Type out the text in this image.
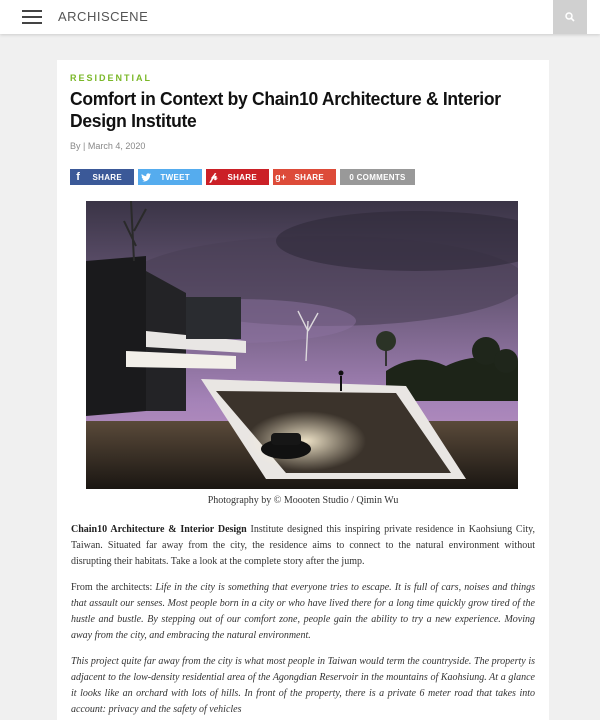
ARCHISCENE
RESIDENTIAL
Comfort in Context by Chain10 Architecture & Interior Design Institute
By | March 4, 2020
f	SHARE	TWEET	𝓅	SHARE	g+	SHARE	0 COMMENTS
Photography by © Moooten Studio / Qimin Wu

Chain10 Architecture & Interior Design Institute designed this inspiring private residence in Kaohsiung City, Taiwan. Situated far away from the city, the residence aims to connect to the natural environment without disrupting their habitats. Take a look at the complete story after the jump.

From the architects: Life in the city is something that everyone tries to escape. It is full of cars, noises and things that assault our senses. Most people born in a city or who have lived there for a long time quickly grow tired of the hustle and bustle. By stepping out of our comfort zone, people gain the ability to try a new experience. Moving away from the city, and embracing the natural environment.

This project quite far away from the city is what most people in Taiwan would term the countryside. The property is adjacent to the low-density residential area of the Agongdian Reservoir in the mountains of Kaohsiung. At a glance it looks like an orchard with lots of hills. In front of the property, there is a private 6 meter road that takes into account: privacy and the safety of vehicles
